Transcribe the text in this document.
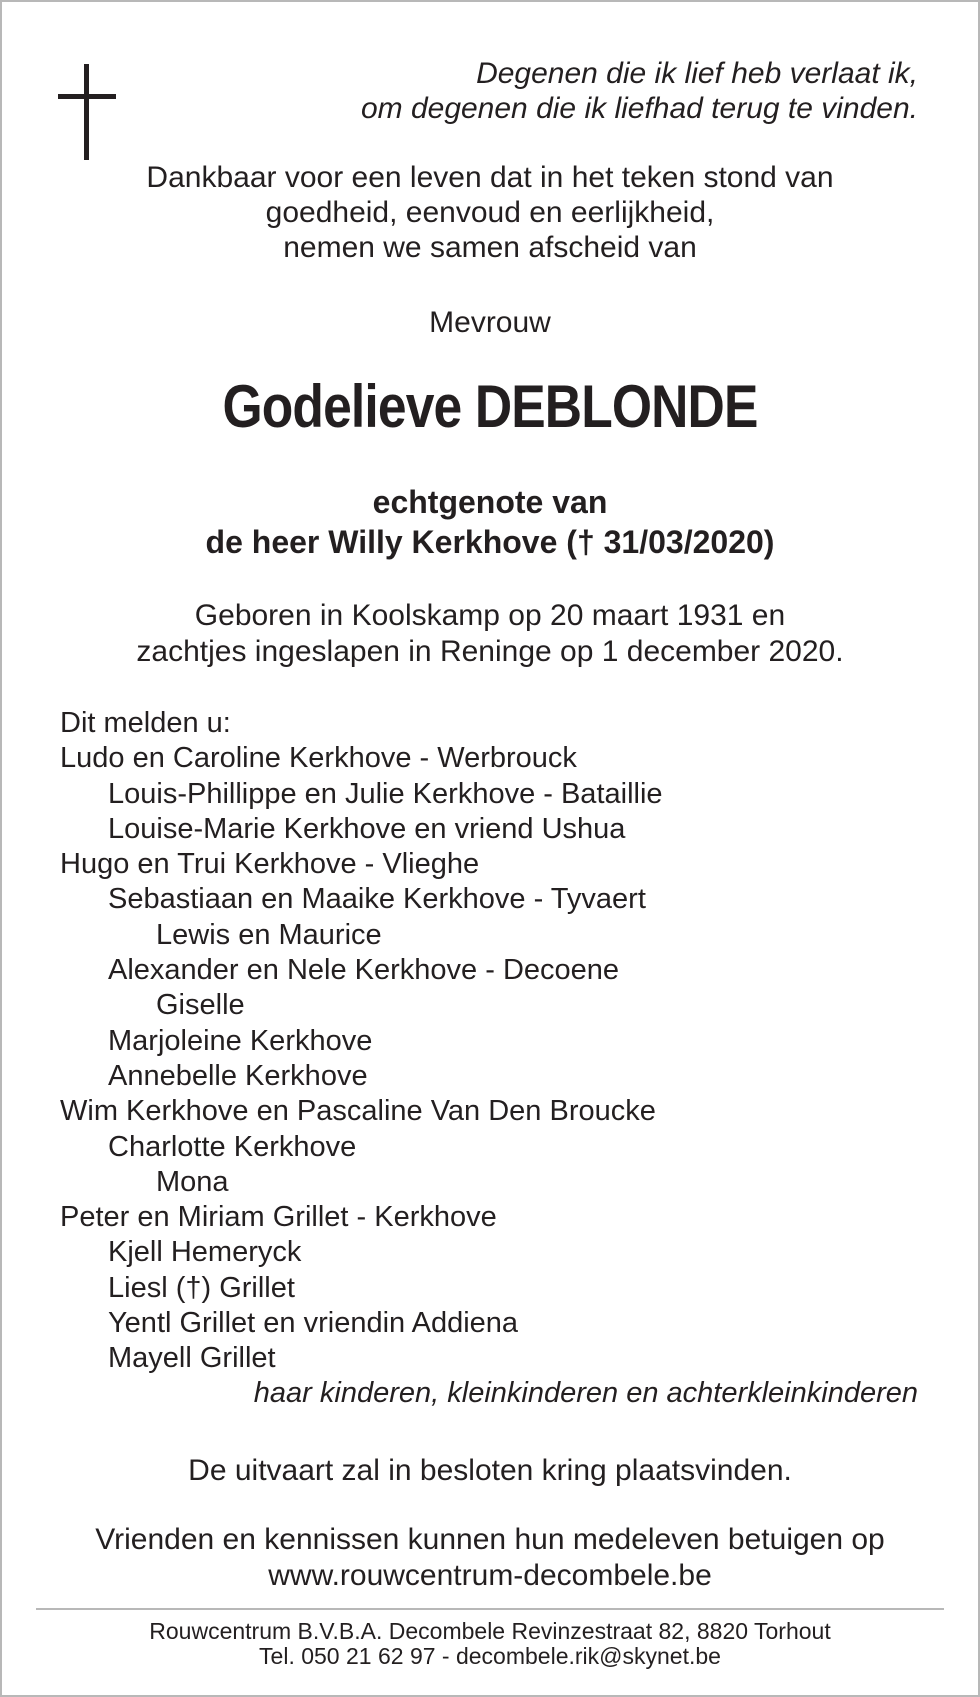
Degenen die ik lief heb verlaat ik,
om degenen die ik liefhad terug te vinden.

Dankbaar voor een leven dat in het teken stond van
goedheid, eenvoud en eerlijkheid,
nemen we samen afscheid van

Mevrouw

Godelieve DEBLONDE

echtgenote van
de heer Willy Kerkhove († 31/03/2020)

Geboren in Koolskamp op 20 maart 1931 en
zachtjes ingeslapen in Reninge op 1 december 2020.

Dit melden u:
Ludo en Caroline Kerkhove - Werbrouck
Louis-Phillippe en Julie Kerkhove - Bataillie
Louise-Marie Kerkhove en vriend Ushua
Hugo en Trui Kerkhove - Vlieghe
Sebastiaan en Maaike Kerkhove - Tyvaert
Lewis en Maurice
Alexander en Nele Kerkhove - Decoene
Giselle
Marjoleine Kerkhove
Annebelle Kerkhove
Wim Kerkhove en Pascaline Van Den Broucke
Charlotte Kerkhove
Mona
Peter en Miriam Grillet - Kerkhove
Kjell Hemeryck
Liesl (†) Grillet
Yentl Grillet en vriendin Addiena
Mayell Grillet

haar kinderen, kleinkinderen en achterkleinkinderen

De uitvaart zal in besloten kring plaatsvinden.

Vrienden en kennissen kunnen hun medeleven betuigen op
www.rouwcentrum-decombele.be

Rouwcentrum B.V.B.A. Decombele Revinzestraat 82, 8820 Torhout
Tel. 050 21 62 97 - decombele.rik@skynet.be
